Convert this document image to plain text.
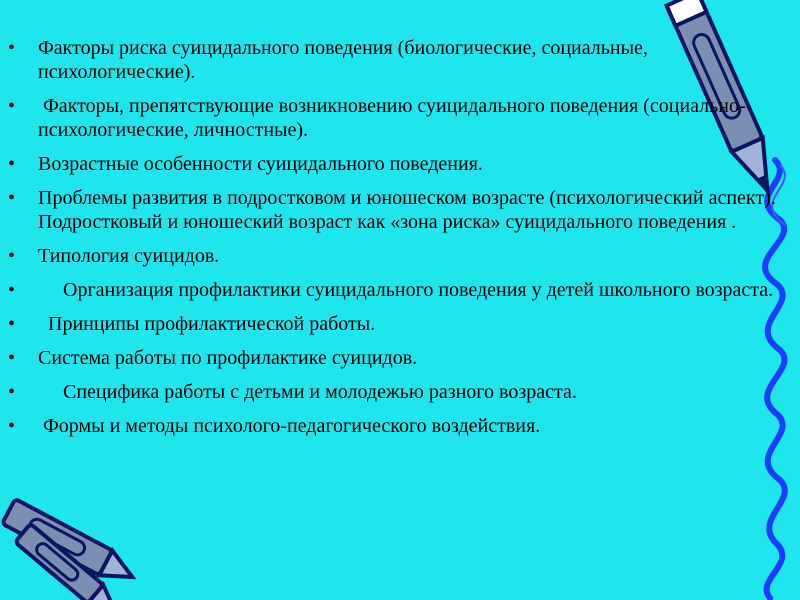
•	Факторы риска суицидального поведения (биологические, социальные, психологические).
•	Факторы, препятствующие возникновению суицидального поведения (социально-психологические, личностные).
•	Возрастные особенности суицидального поведения.
•	Проблемы развития в подростковом и юношеском возрасте (психологический аспект). Подростковый и юношеский возраст как «зона риска» суицидального поведения .
•	Типология суицидов.
•	Организация профилактики суицидального поведения у детей школьного возраста.
•	Принципы профилактической работы.
•	Система работы по профилактике суицидов.
•	Специфика работы с детьми и молодежью разного возраста.
•	Формы и методы психолого-педагогического воздействия.
